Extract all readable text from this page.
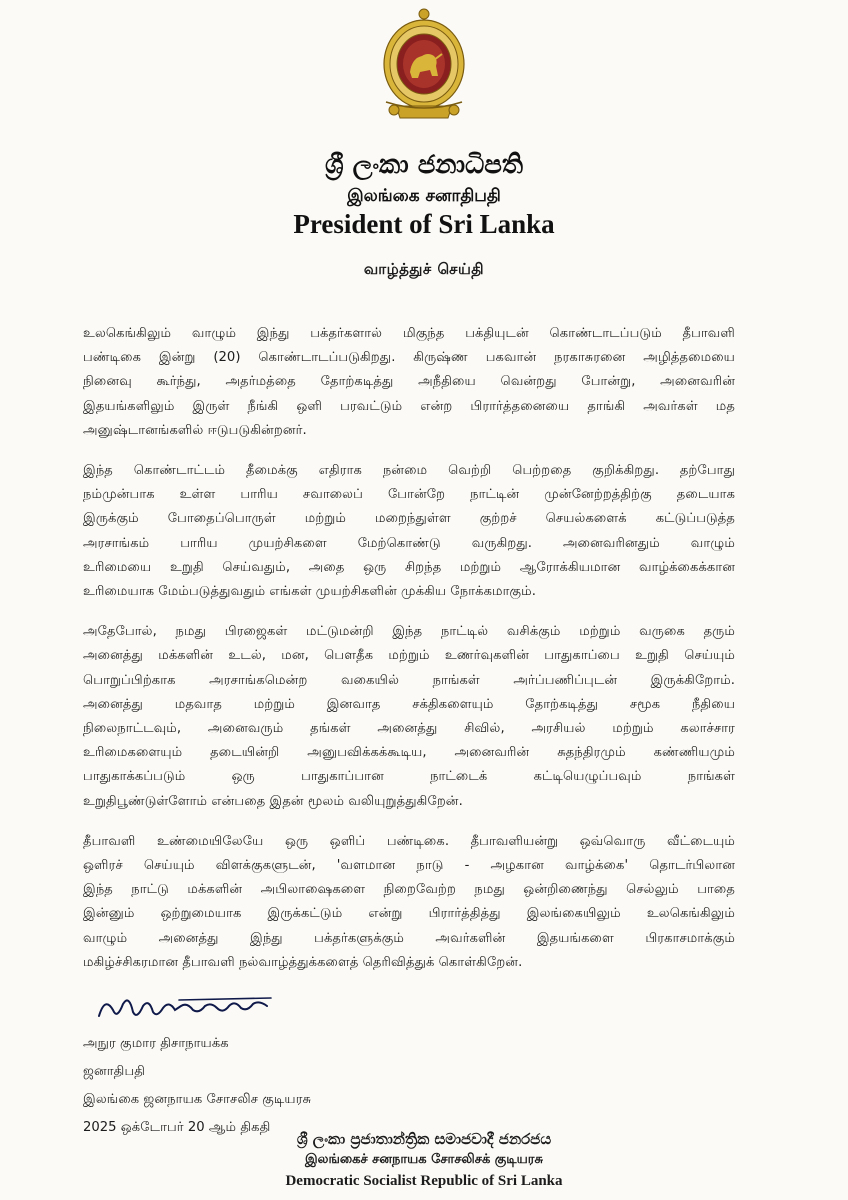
ශ්‍රී ලංකා ජනාධිපති
இலங்கை சனாதிபதி
President of Sri Lanka
வாழ்த்துச் செய்தி
உலகெங்கிலும் வாழும் இந்து பக்தர்களால் மிகுந்த பக்தியுடன் கொண்டாடப்படும் தீபாவளி
பண்டிகை இன்று (20) கொண்டாடப்படுகிறது. கிருஷ்ண பகவான் நரகாசுரனை அழித்தமையை
நினைவு கூர்ந்து, அதர்மத்தை தோற்கடித்து அநீதியை வென்றது போன்று, அனைவரின்
இதயங்களிலும் இருள் நீங்கி ஒளி பரவட்டும் என்ற பிரார்த்தனையை தாங்கி அவர்கள் மத
அனுஷ்டானங்களில் ஈடுபடுகின்றனர்.
இந்த கொண்டாட்டம் தீமைக்கு எதிராக நன்மை வெற்றி பெற்றதை குறிக்கிறது. தற்போது
நம்முன்பாக உள்ள பாரிய சவாலைப் போன்றே நாட்டின் முன்னேற்றத்திற்கு தடையாக
இருக்கும் போதைப்பொருள் மற்றும் மறைந்துள்ள குற்றச் செயல்களைக் கட்டுப்படுத்த
அரசாங்கம் பாரிய முயற்சிகளை மேற்கொண்டு வருகிறது. அனைவரினதும் வாழும்
உரிமையை உறுதி செய்வதும், அதை ஒரு சிறந்த மற்றும் ஆரோக்கியமான வாழ்க்கைக்கான
உரிமையாக மேம்படுத்துவதும் எங்கள் முயற்சிகளின் முக்கிய நோக்கமாகும்.
அதேபோல், நமது பிரஜைகள் மட்டுமன்றி இந்த நாட்டில் வசிக்கும் மற்றும் வருகை தரும்
அனைத்து மக்களின் உடல், மன, பௌதீக மற்றும் உணர்வுகளின் பாதுகாப்பை உறுதி செய்யும்
பொறுப்பிற்காக அரசாங்கமென்ற வகையில் நாங்கள் அர்ப்பணிப்புடன் இருக்கிறோம்.
அனைத்து மதவாத மற்றும் இனவாத சக்திகளையும் தோற்கடித்து சமூக நீதியை
நிலைநாட்டவும், அனைவரும் தங்கள் அனைத்து சிவில், அரசியல் மற்றும் கலாச்சார
உரிமைகளையும் தடையின்றி அனுபவிக்கக்கூடிய, அனைவரின் சுதந்திரமும் கண்ணியமும்
பாதுகாக்கப்படும் ஒரு பாதுகாப்பான நாட்டைக் கட்டியெழுப்பவும் நாங்கள்
உறுதிபூண்டுள்ளோம் என்பதை இதன் மூலம் வலியுறுத்துகிறேன்.
தீபாவளி உண்மையிலேயே ஒரு ஒளிப் பண்டிகை. தீபாவளியன்று ஒவ்வொரு வீட்டையும்
ஒளிரச் செய்யும் விளக்குகளுடன், 'வளமான நாடு - அழகான வாழ்க்கை' தொடர்பிலான
இந்த நாட்டு மக்களின் அபிலாஷைகளை நிறைவேற்ற நமது ஒன்றிணைந்து செல்லும் பாதை
இன்னும் ஒற்றுமையாக இருக்கட்டும் என்று பிரார்த்தித்து இலங்கையிலும் உலகெங்கிலும்
வாழும் அனைத்து இந்து பக்தர்களுக்கும் அவர்களின் இதயங்களை பிரகாசமாக்கும்
மகிழ்ச்சிகரமான தீபாவளி நல்வாழ்த்துக்களைத் தெரிவித்துக் கொள்கிறேன்.
அநுர குமார திசாநாயக்க
ஜனாதிபதி
இலங்கை ஜனநாயக சோசலிச குடியரசு
2025 ஒக்டோபர் 20 ஆம் திகதி
ශ්‍රී ලංකා ප්‍රජාතාන්ත්‍රික සමාජවාදී ජනරජය
இலங்கைச் சனநாயக சோசலிசக் குடியரசு
Democratic Socialist Republic of Sri Lanka
